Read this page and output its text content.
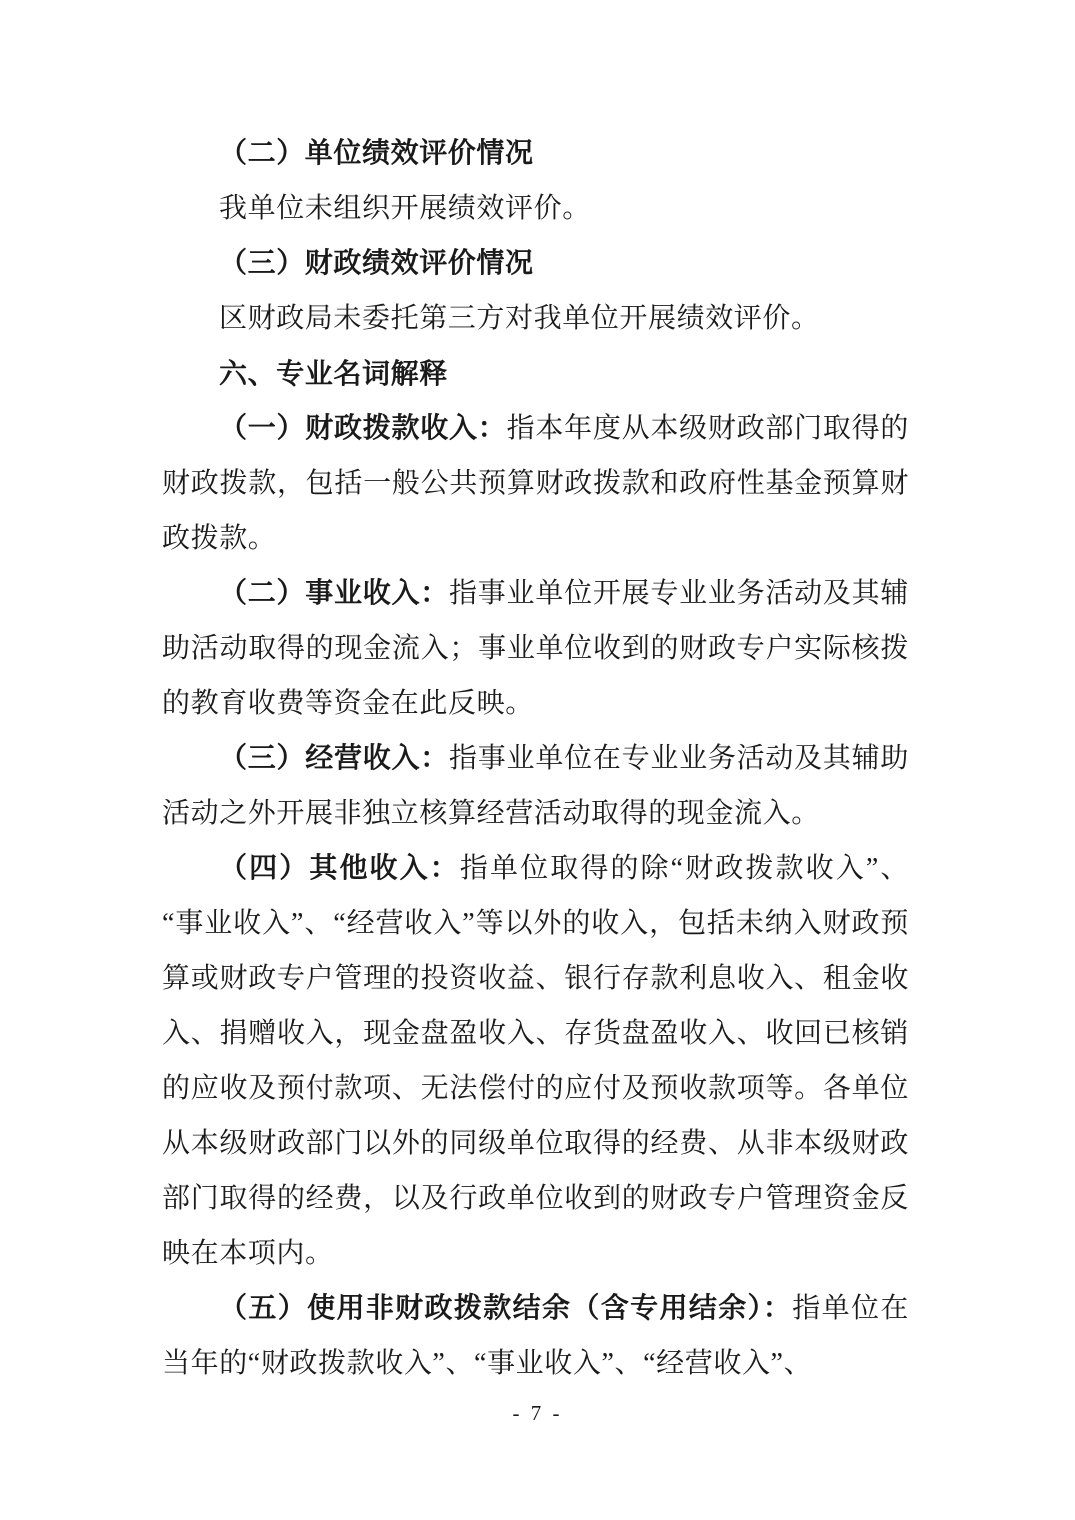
（二）单位绩效评价情况

我单位未组织开展绩效评价。

（三）财政绩效评价情况

区财政局未委托第三方对我单位开展绩效评价。

六、专业名词解释

（一）财政拨款收入：指本年度从本级财政部门取得的财政拨款，包括一般公共预算财政拨款和政府性基金预算财政拨款。

（二）事业收入：指事业单位开展专业业务活动及其辅助活动取得的现金流入；事业单位收到的财政专户实际核拨的教育收费等资金在此反映。

（三）经营收入：指事业单位在专业业务活动及其辅助活动之外开展非独立核算经营活动取得的现金流入。

（四）其他收入：指单位取得的除“财政拨款收入”、“事业收入”、“经营收入”等以外的收入，包括未纳入财政预算或财政专户管理的投资收益、银行存款利息收入、租金收入、捐赠收入，现金盘盈收入、存货盘盈收入、收回已核销的应收及预付款项、无法偿付的应付及预收款项等。各单位从本级财政部门以外的同级单位取得的经费、从非本级财政部门取得的经费，以及行政单位收到的财政专户管理资金反映在本项内。

（五）使用非财政拨款结余（含专用结余）：指单位在当年的“财政拨款收入”、“事业收入”、“经营收入”、

- 7 -
